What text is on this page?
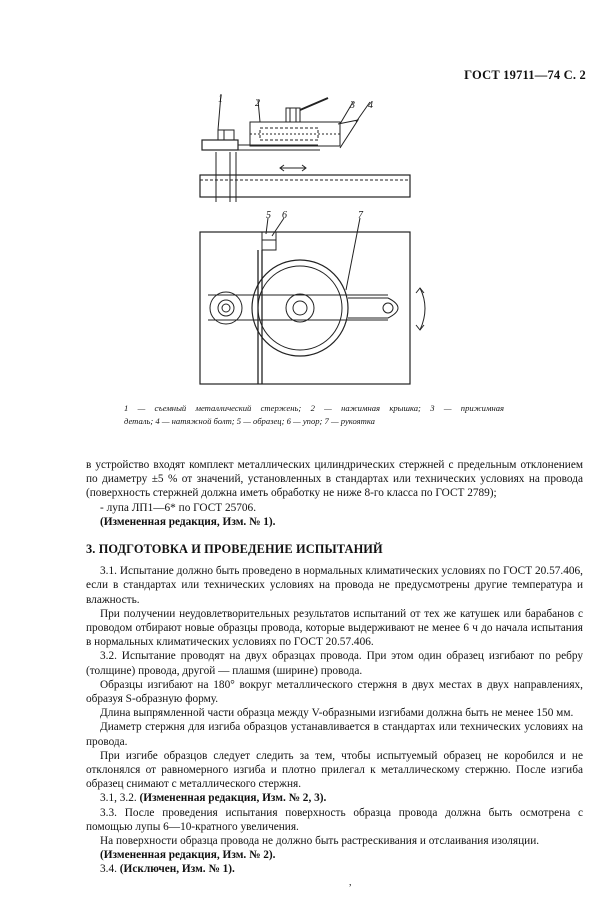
ГОСТ 19711—74 С. 2
1	2	3 4
5 6	7
1 — съемный металлический стержень; 2 — нажимная крышка; 3 — прижимная
деталь; 4 — натяжной болт; 5 — образец; 6 — упор; 7 — рукоятка

в устройство входят комплект металлических цилиндрических стержней с предельным отклонением по диаметру ±5 % от значений, установленных в стандартах или технических условиях на провода (поверхность стержней должна иметь обработку не ниже 8-го класса по ГОСТ 2789);

- лупа ЛП1—6* по ГОСТ 25706.

(Измененная редакция, Изм. № 1).

3. ПОДГОТОВКА И ПРОВЕДЕНИЕ ИСПЫТАНИЙ

3.1. Испытание должно быть проведено в нормальных климатических условиях по ГОСТ 20.57.406, если в стандартах или технических условиях на провода не предусмотрены другие температура и влажность.

При получении неудовлетворительных результатов испытаний от тех же катушек или барабанов с проводом отбирают новые образцы провода, которые выдерживают не менее 6 ч до начала испытания в нормальных климатических условиях по ГОСТ 20.57.406.

3.2. Испытание проводят на двух образцах провода. При этом один образец изгибают по ребру (толщине) провода, другой — плашмя (ширине) провода.

Образцы изгибают на 180° вокруг металлического стержня в двух местах в двух направлениях, образуя S-образную форму.

Длина выпрямленной части образца между V-образными изгибами должна быть не менее 150 мм.

Диаметр стержня для изгиба образцов устанавливается в стандартах или технических условиях на провода.

При изгибе образцов следует следить за тем, чтобы испытуемый образец не коробился и не отклонялся от равномерного изгиба и плотно прилегал к металлическому стержню. После изгиба образец снимают с металлического стержня.

3.1, 3.2. (Измененная редакция, Изм. № 2, 3).

3.3. После проведения испытания поверхность образца провода должна быть осмотрена с помощью лупы 6—10-кратного увеличения.

На поверхности образца провода не должно быть растрескивания и отслаивания изоляции.

(Измененная редакция, Изм. № 2).

3.4. (Исключен, Изм. № 1).

,
